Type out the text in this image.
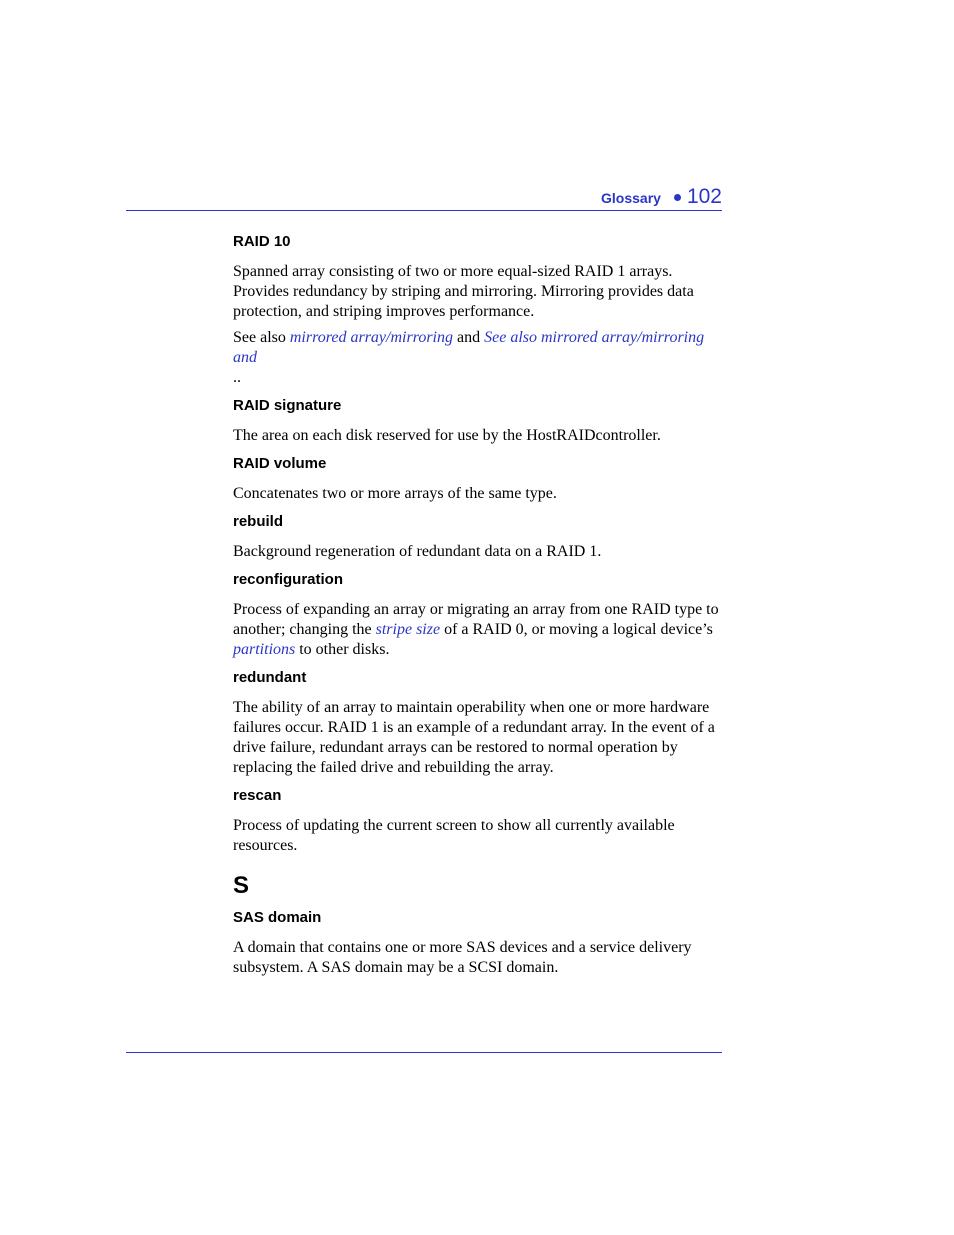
Glossary 102
RAID 10
Spanned array consisting of two or more equal-sized RAID 1 arrays. Provides redundancy by striping and mirroring. Mirroring provides data protection, and striping improves performance.
See also mirrored array/mirroring and See also mirrored array/mirroring and
..
RAID signature
The area on each disk reserved for use by the HostRAIDcontroller.
RAID volume
Concatenates two or more arrays of the same type.
rebuild
Background regeneration of redundant data on a RAID 1.
reconfiguration
Process of expanding an array or migrating an array from one RAID type to another; changing the stripe size of a RAID 0, or moving a logical device’s partitions to other disks.
redundant
The ability of an array to maintain operability when one or more hardware failures occur. RAID 1 is an example of a redundant array. In the event of a drive failure, redundant arrays can be restored to normal operation by replacing the failed drive and rebuilding the array.
rescan
Process of updating the current screen to show all currently available resources.
S
SAS domain
A domain that contains one or more SAS devices and a service delivery subsystem. A SAS domain may be a SCSI domain.
